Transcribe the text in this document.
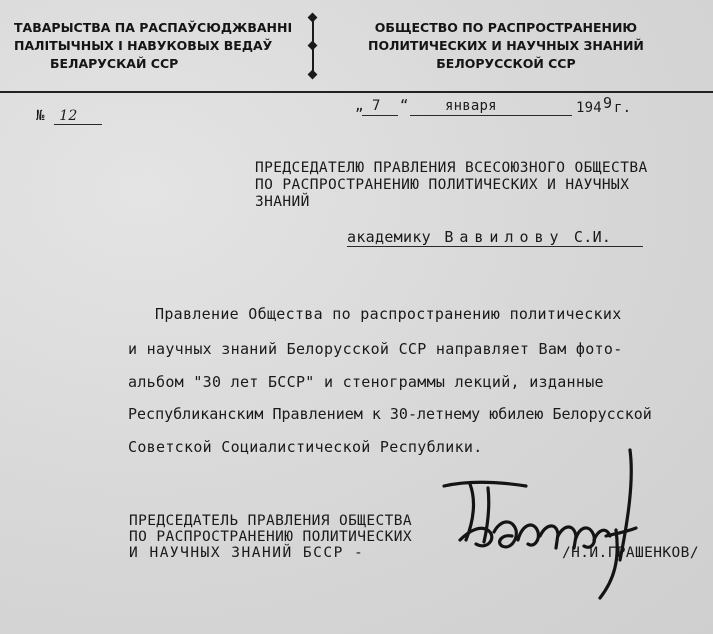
ТАВАРЫСТВА ПА РАСПАЎСЮДЖВАННІ
ПАЛІТЫЧНЫХ І НАВУКОВЫХ ВЕДАЎ
БЕЛАРУСКАЙ ССР
ОБЩЕСТВО ПО РАСПРОСТРАНЕНИЮ
ПОЛИТИЧЕСКИХ И НАУЧНЫХ ЗНАНИЙ
БЕЛОРУССКОЙ ССР
№ 12
„ 7 “	января	194 9 г.
ПРЕДСЕДАТЕЛЮ ПРАВЛЕНИЯ ВСЕСОЮЗНОГО ОБЩЕСТВА
ПО РАСПРОСТРАНЕНИЮ ПОЛИТИЧЕСКИХ И НАУЧНЫХ
ЗНАНИЙ
академику Вавилову С.И.
Правление Общества по распространению политических
и научных знаний Белорусской ССР направляет Вам фото-
альбом "30 лет БССР" и стенограммы лекций, изданные
Республиканским Правлением к 30-летнему юбилею Белорусской
Советской Социалистической Республики.
ПРЕДСЕДАТЕЛЬ ПРАВЛЕНИЯ ОБЩЕСТВА
ПО РАСПРОСТРАНЕНИЮ ПОЛИТИЧЕСКИХ
И НАУЧНЫХ ЗНАНИЙ БССР -	/Н.И.ГРАШЕНКОВ/
